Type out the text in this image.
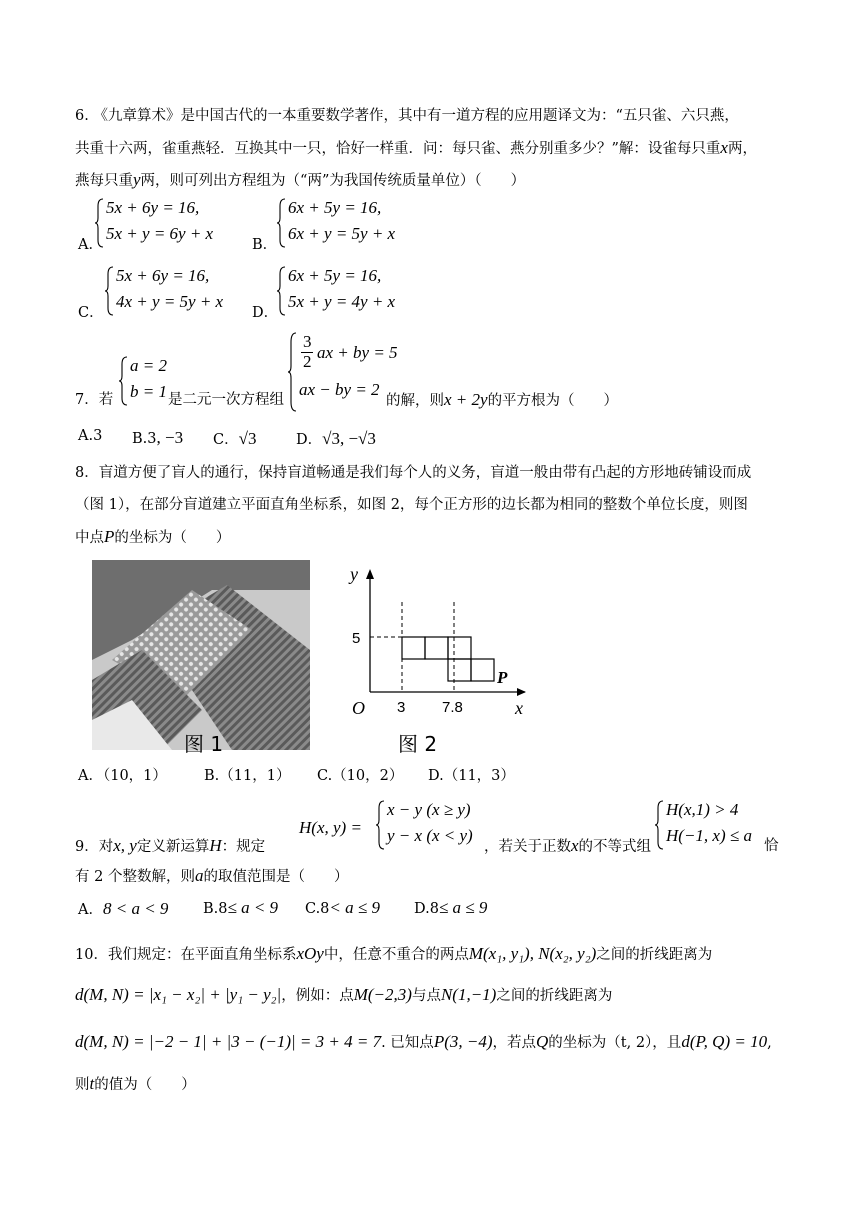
6. 《九章算术》是中国古代的一本重要数学著作，其中有一道方程的应用题译文为：“五只雀、六只燕，
共重十六两，雀重燕轻．互换其中一只，恰好一样重．问：每只雀、燕分别重多少？”解：设雀每只重x两，
燕每只重y两，则可列出方程组为（“两”为我国传统质量单位）（　　）
A．
5x + 6y = 16,
5x + y = 6y + x
B．
6x + 5y = 16,
6x + y = 5y + x
C．
5x + 6y = 16,
4x + y = 5y + x
D．
6x + 5y = 16,
5x + y = 4y + x
7．若
a = 2
b = 1 是二元一次方程组
3
2 ax + by = 5
ax − by = 2
的解，则x + 2y的平方根为（　　）
A.3 B.3, −3 C．√3	D．√3, −√3
8．盲道方便了盲人的通行，保持盲道畅通是我们每个人的义务，盲道一般由带有凸起的方形地砖铺设而成
（图 1），在部分盲道建立平面直角坐标系，如图 2，每个正方形的边长都为相同的整数个单位长度，则图
中点P的坐标为（　　）
图 1
y
x
O 3 7.8
5
P
图 2
A．（10，1）	B.（11，1） C.（10，2） D.（11，3）
9．对x, y定义新运算H：规定
H(x, y) =
x − y (x ≥ y)
y − x (x < y)
，若关于正数x的不等式组
H(x,1) > 4
H(−1, x) ≤ a
恰
有 2 个整数解，则a的取值范围是（　　）
A．8 < a < 9 B.8≤ a < 9 C.8< a ≤ 9 D.8≤ a ≤ 9
10．我们规定：在平面直角坐标系xOy中，任意不重合的两点M(x₁, y₁), N(x₂, y₂)之间的折线距离为
d(M, N) = |x₁ − x₂| + |y₁ − y₂|，例如：点M(−2,3)与点N(1,−1)之间的折线距离为
d(M, N) = |−2 − 1| + |3 − (−1)| = 3 + 4 = 7. 已知点P(3, −4)，若点Q的坐标为（t, 2），且d(P, Q) = 10,
则t的值为（　　）
